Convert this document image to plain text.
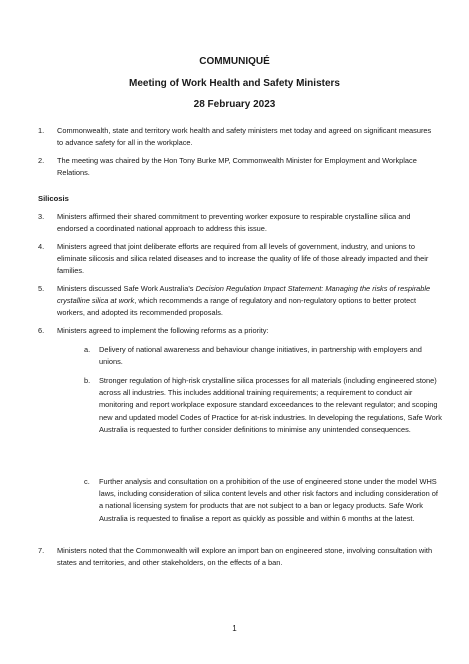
COMMUNIQUÉ
Meeting of Work Health and Safety Ministers
28 February 2023
1.	Commonwealth, state and territory work health and safety ministers met today and agreed on significant measures to advance safety for all in the workplace.
2.	The meeting was chaired by the Hon Tony Burke MP, Commonwealth Minister for Employment and Workplace Relations.
Silicosis
3.	Ministers affirmed their shared commitment to preventing worker exposure to respirable crystalline silica and endorsed a coordinated national approach to address this issue.
4.	Ministers agreed that joint deliberate efforts are required from all levels of government, industry, and unions to eliminate silicosis and silica related diseases and to increase the quality of life of those already impacted and their families.
5.	Ministers discussed Safe Work Australia’s Decision Regulation Impact Statement: Managing the risks of respirable crystalline silica at work, which recommends a range of regulatory and non-regulatory options to better protect workers, and adopted its recommended proposals.
6.	Ministers agreed to implement the following reforms as a priority:
a.	Delivery of national awareness and behaviour change initiatives, in partnership with employers and unions.
b.	Stronger regulation of high-risk crystalline silica processes for all materials (including engineered stone) across all industries. This includes additional training requirements; a requirement to conduct air monitoring and report workplace exposure standard exceedances to the relevant regulator; and scoping new and updated model Codes of Practice for at-risk industries. In developing the regulations, Safe Work Australia is requested to further consider definitions to minimise any unintended consequences.
c.	Further analysis and consultation on a prohibition of the use of engineered stone under the model WHS laws, including consideration of silica content levels and other risk factors and including consideration of a national licensing system for products that are not subject to a ban or legacy products. Safe Work Australia is requested to finalise a report as quickly as possible and within 6 months at the latest.
7.	Ministers noted that the Commonwealth will explore an import ban on engineered stone, involving consultation with states and territories, and other stakeholders, on the effects of a ban.
1
